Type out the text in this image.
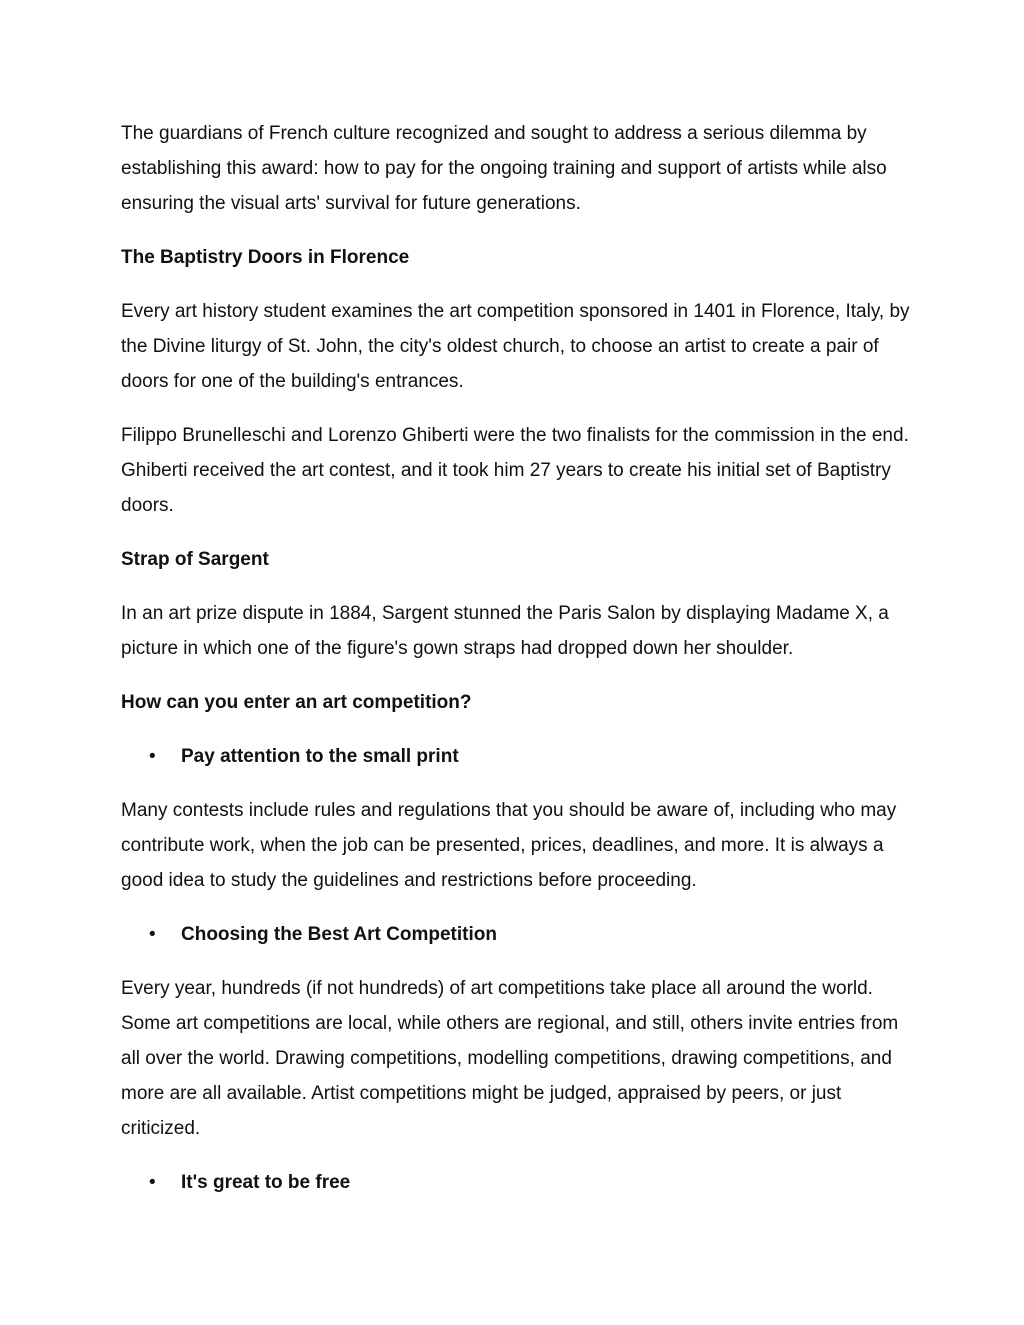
The guardians of French culture recognized and sought to address a serious dilemma by establishing this award: how to pay for the ongoing training and support of artists while also ensuring the visual arts' survival for future generations.

The Baptistry Doors in Florence

Every art history student examines the art competition sponsored in 1401 in Florence, Italy, by the Divine liturgy of St. John, the city's oldest church, to choose an artist to create a pair of doors for one of the building's entrances.

Filippo Brunelleschi and Lorenzo Ghiberti were the two finalists for the commission in the end. Ghiberti received the art contest, and it took him 27 years to create his initial set of Baptistry doors.

Strap of Sargent

In an art prize dispute in 1884, Sargent stunned the Paris Salon by displaying Madame X, a picture in which one of the figure's gown straps had dropped down her shoulder.

How can you enter an art competition?
• Pay attention to the small print

Many contests include rules and regulations that you should be aware of, including who may contribute work, when the job can be presented, prices, deadlines, and more. It is always a good idea to study the guidelines and restrictions before proceeding.

• Choosing the Best Art Competition

Every year, hundreds (if not hundreds) of art competitions take place all around the world. Some art competitions are local, while others are regional, and still, others invite entries from all over the world. Drawing competitions, modelling competitions, drawing competitions, and more are all available. Artist competitions might be judged, appraised by peers, or just criticized.

• It's great to be free
